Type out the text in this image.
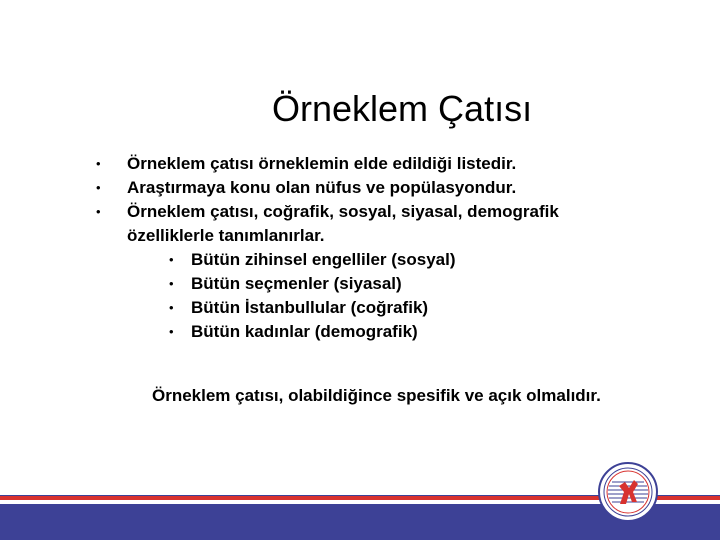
Örneklem Çatısı
• Örneklem çatısı örneklemin elde edildiği listedir.
• Araştırmaya konu olan nüfus ve popülasyondur.
• Örneklem çatısı, coğrafik, sosyal, siyasal, demografik özelliklerle tanımlanırlar.
• Bütün zihinsel engelliler (sosyal)
• Bütün seçmenler (siyasal)
• Bütün İstanbullular (coğrafik)
• Bütün kadınlar (demografik)

Örneklem çatısı, olabildiğince spesifik ve açık olmalıdır.
